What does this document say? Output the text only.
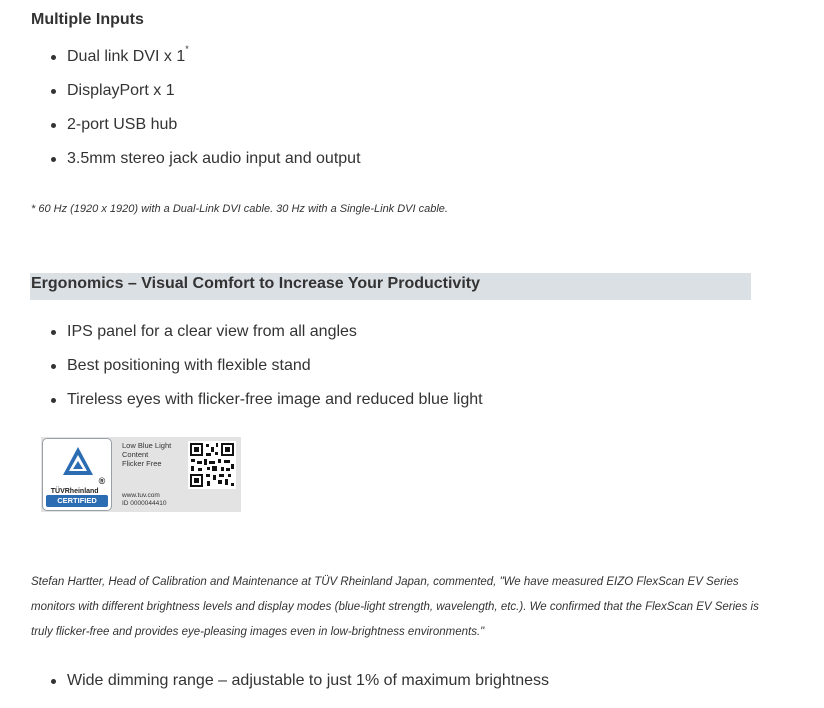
Multiple Inputs
Dual link DVI x 1*
DisplayPort x 1
2-port USB hub
3.5mm stereo jack audio input and output
* 60 Hz (1920 x 1920) with a Dual-Link DVI cable. 30 Hz with a Single-Link DVI cable.
Ergonomics – Visual Comfort to Increase Your Productivity
IPS panel for a clear view from all angles
Best positioning with flexible stand
Tireless eyes with flicker-free image and reduced blue light
TÜVRheinland®
CERTIFIED
Low Blue Light
Content
Flicker Free
www.tuv.com
ID 0000044410
Stefan Hartter, Head of Calibration and Maintenance at TÜV Rheinland Japan, commented, "We have measured EIZO FlexScan EV Series monitors with different brightness levels and display modes (blue-light strength, wavelength, etc.). We confirmed that the FlexScan EV Series is truly flicker-free and provides eye-pleasing images even in low-brightness environments."
Wide dimming range – adjustable to just 1% of maximum brightness
